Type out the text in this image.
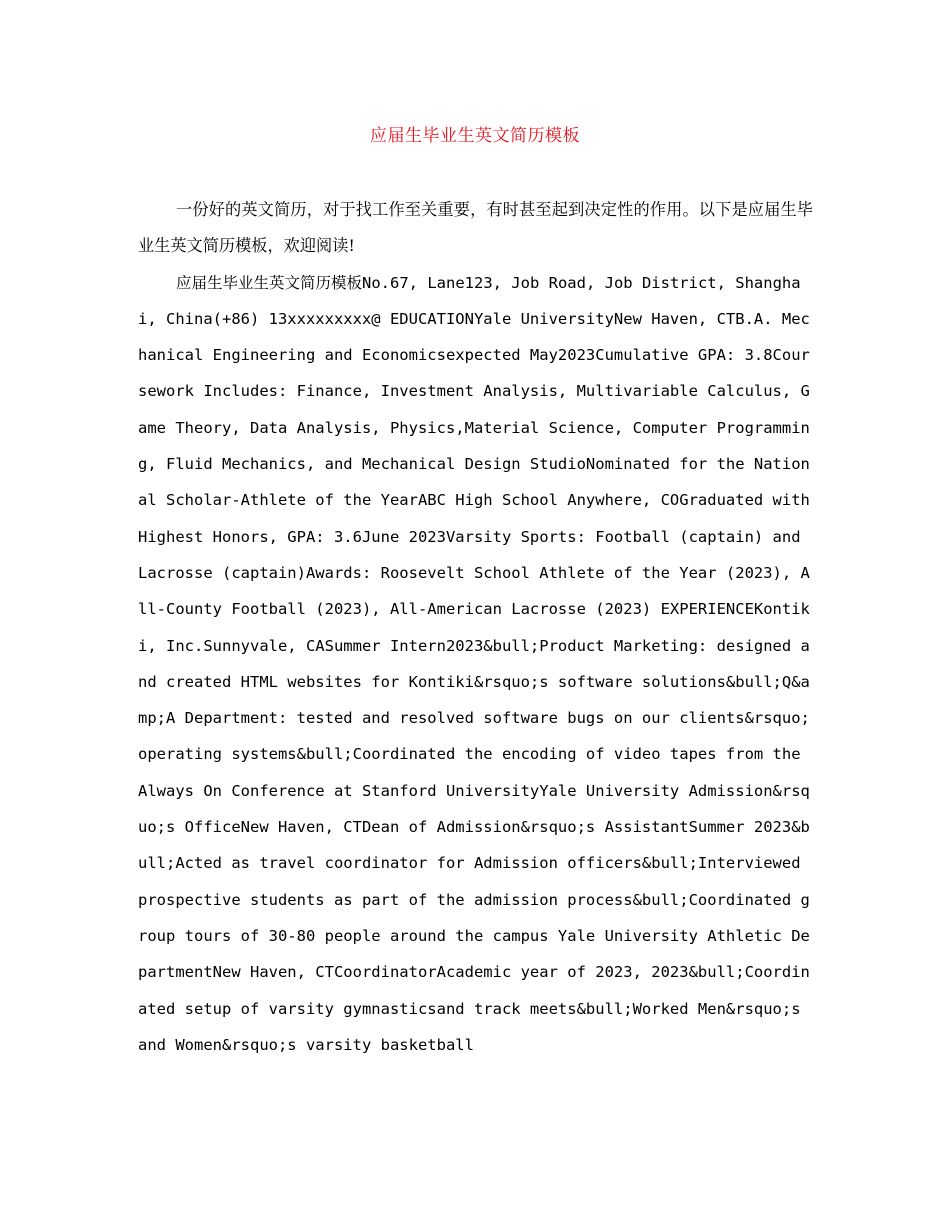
应届生毕业生英文简历模板

一份好的英文简历，对于找工作至关重要，有时甚至起到决定性的作用。以下是应届生毕业生英文简历模板，欢迎阅读!

应届生毕业生英文简历模板No.67, Lane123, Job Road, Job District, Shanghai, China(+86) 13xxxxxxxxx@ EDUCATIONYale UniversityNew Haven, CTB.A. Mechanical Engineering and Economicsexpected May2023Cumulative GPA: 3.8Coursework Includes: Finance, Investment Analysis, Multivariable Calculus, Game Theory, Data Analysis, Physics,Material Science, Computer Programming, Fluid Mechanics, and Mechanical Design StudioNominated for the National Scholar-Athlete of the YearABC High School Anywhere, COGraduated with Highest Honors, GPA: 3.6June 2023Varsity Sports: Football (captain) and Lacrosse (captain)Awards: Roosevelt School Athlete of the Year (2023), All-County Football (2023), All-American Lacrosse (2023) EXPERIENCEKontiki, Inc.Sunnyvale, CASummer Intern2023&bull;Product Marketing: designed and created HTML websites for Kontiki&rsquo;s software solutions&bull;Q&amp;A Department: tested and resolved software bugs on our clients&rsquo; operating systems&bull;Coordinated the encoding of video tapes from the Always On Conference at Stanford UniversityYale University Admission&rsquo;s OfficeNew Haven, CTDean of Admission&rsquo;s AssistantSummer 2023&bull;Acted as travel coordinator for Admission officers&bull;Interviewed prospective students as part of the admission process&bull;Coordinated group tours of 30-80 people around the campus Yale University Athletic DepartmentNew Haven, CTCoordinatorAcademic year of 2023, 2023&bull;Coordinated setup of varsity gymnasticsand track meets&bull;Worked Men&rsquo;s and Women&rsquo;s varsity basketball
